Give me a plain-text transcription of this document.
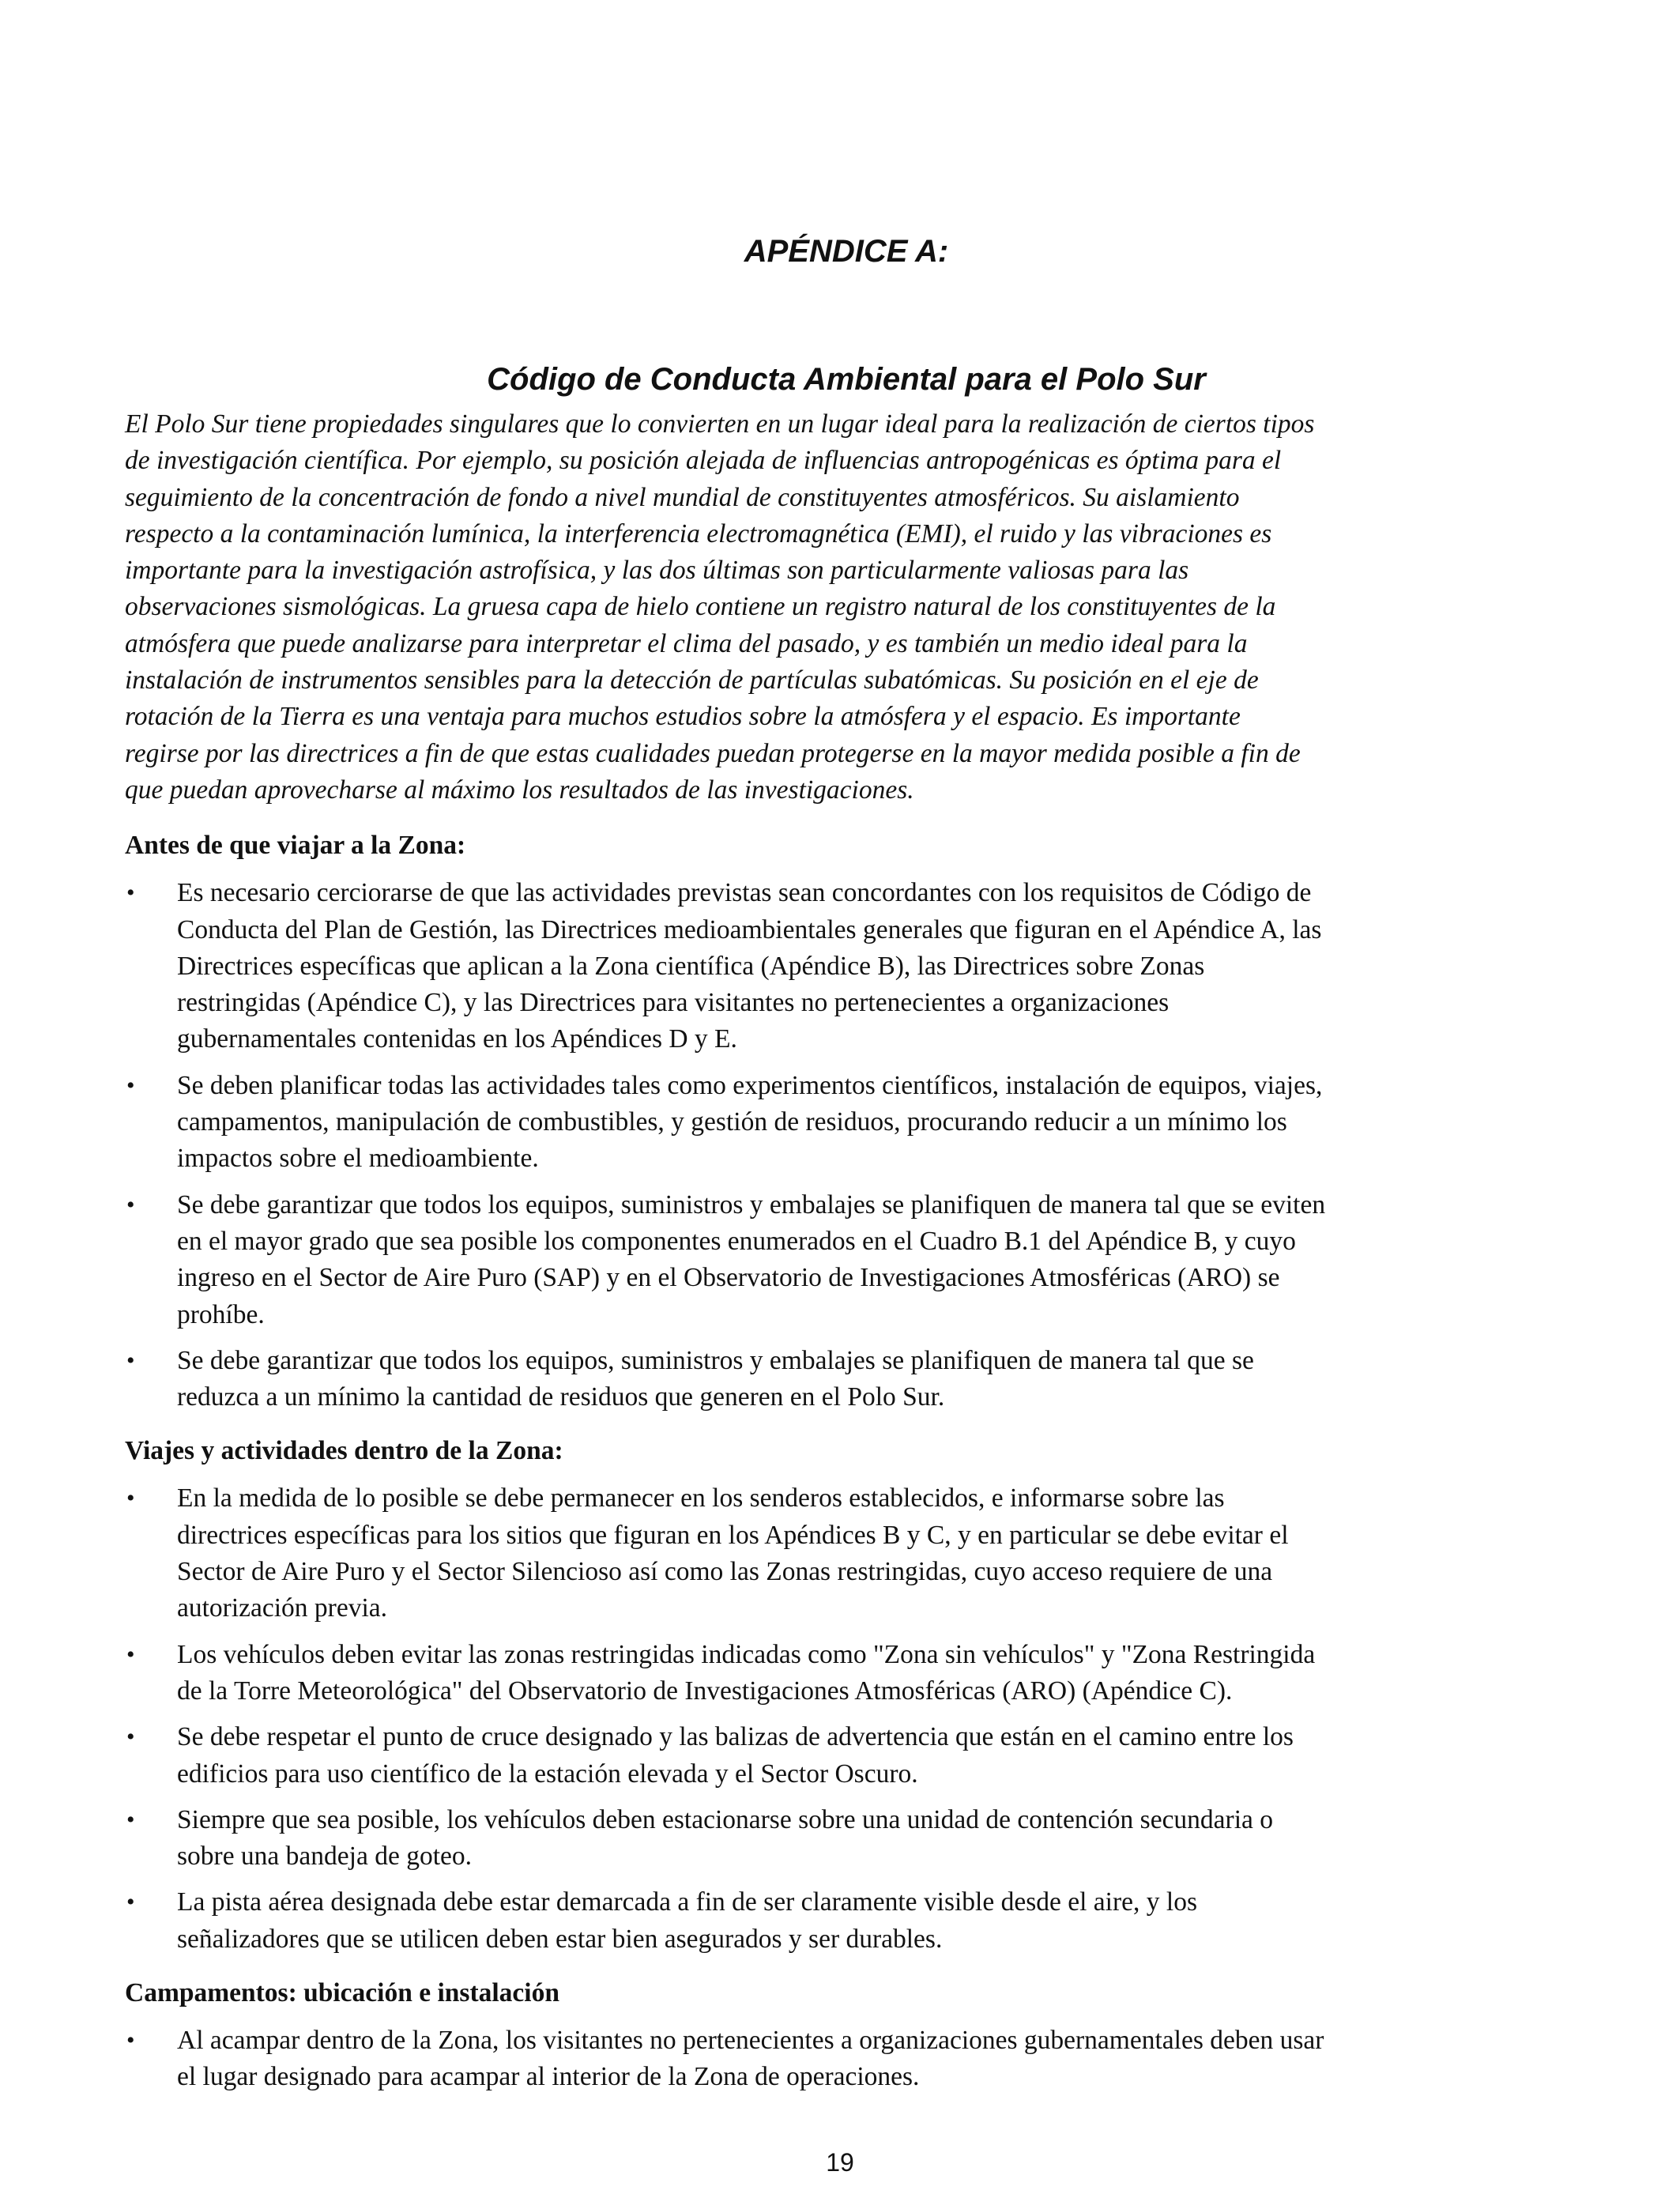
APÉNDICE A:
Código de Conducta Ambiental para el Polo Sur

El Polo Sur tiene propiedades singulares que lo convierten en un lugar ideal para la realización de ciertos tipos
de investigación científica. Por ejemplo, su posición alejada de influencias antropogénicas es óptima para el
seguimiento de la concentración de fondo a nivel mundial de constituyentes atmosféricos. Su aislamiento
respecto a la contaminación lumínica, la interferencia electromagnética (EMI), el ruido y las vibraciones es
importante para la investigación astrofísica, y las dos últimas son particularmente valiosas para las
observaciones sismológicas. La gruesa capa de hielo contiene un registro natural de los constituyentes de la
atmósfera que puede analizarse para interpretar el clima del pasado, y es también un medio ideal para la
instalación de instrumentos sensibles para la detección de partículas subatómicas. Su posición en el eje de
rotación de la Tierra es una ventaja para muchos estudios sobre la atmósfera y el espacio. Es importante
regirse por las directrices a fin de que estas cualidades puedan protegerse en la mayor medida posible a fin de
que puedan aprovecharse al máximo los resultados de las investigaciones.

Antes de que viajar a la Zona:
• Es necesario cerciorarse de que las actividades previstas sean concordantes con los requisitos de Código de
Conducta del Plan de Gestión, las Directrices medioambientales generales que figuran en el Apéndice A, las
Directrices específicas que aplican a la Zona científica (Apéndice B), las Directrices sobre Zonas
restringidas (Apéndice C), y las Directrices para visitantes no pertenecientes a organizaciones
gubernamentales contenidas en los Apéndices D y E.
• Se deben planificar todas las actividades tales como experimentos científicos, instalación de equipos, viajes,
campamentos, manipulación de combustibles, y gestión de residuos, procurando reducir a un mínimo los
impactos sobre el medioambiente.
• Se debe garantizar que todos los equipos, suministros y embalajes se planifiquen de manera tal que se eviten
en el mayor grado que sea posible los componentes enumerados en el Cuadro B.1 del Apéndice B, y cuyo
ingreso en el Sector de Aire Puro (SAP) y en el Observatorio de Investigaciones Atmosféricas (ARO) se
prohíbe.
• Se debe garantizar que todos los equipos, suministros y embalajes se planifiquen de manera tal que se
reduzca a un mínimo la cantidad de residuos que generen en el Polo Sur.
Viajes y actividades dentro de la Zona:
• En la medida de lo posible se debe permanecer en los senderos establecidos, e informarse sobre las
directrices específicas para los sitios que figuran en los Apéndices B y C, y en particular se debe evitar el
Sector de Aire Puro y el Sector Silencioso así como las Zonas restringidas, cuyo acceso requiere de una
autorización previa.
• Los vehículos deben evitar las zonas restringidas indicadas como "Zona sin vehículos" y "Zona Restringida
de la Torre Meteorológica" del Observatorio de Investigaciones Atmosféricas (ARO) (Apéndice C).
• Se debe respetar el punto de cruce designado y las balizas de advertencia que están en el camino entre los
edificios para uso científico de la estación elevada y el Sector Oscuro.
• Siempre que sea posible, los vehículos deben estacionarse sobre una unidad de contención secundaria o
sobre una bandeja de goteo.
• La pista aérea designada debe estar demarcada a fin de ser claramente visible desde el aire, y los
señalizadores que se utilicen deben estar bien asegurados y ser durables.
Campamentos: ubicación e instalación
• Al acampar dentro de la Zona, los visitantes no pertenecientes a organizaciones gubernamentales deben usar
el lugar designado para acampar al interior de la Zona de operaciones.
19
